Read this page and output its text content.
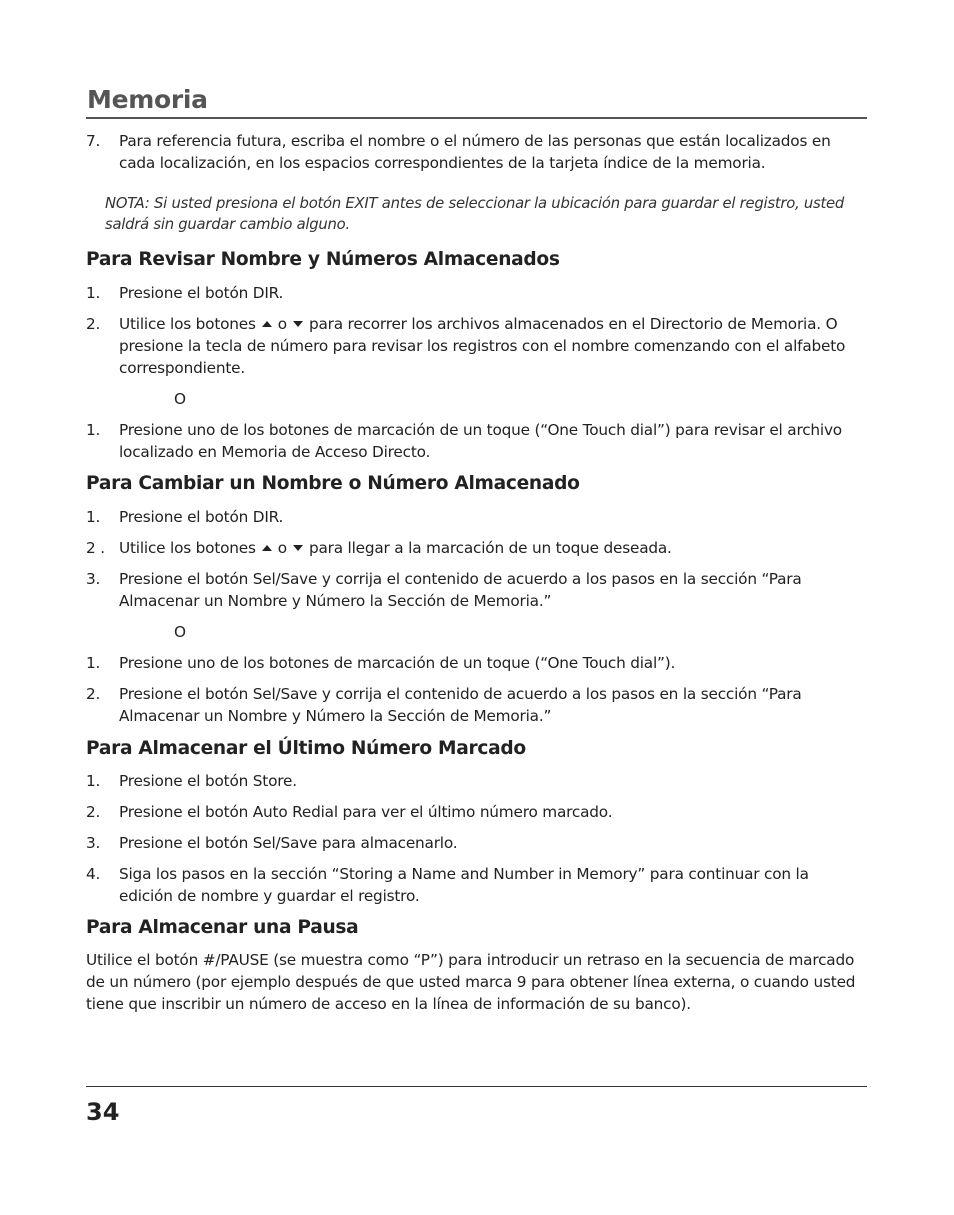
Memoria
7.	Para referencia futura, escriba el nombre o el número de las personas que están localizados en cada localización, en los espacios correspondientes de la tarjeta índice de la memoria.
NOTA: Si usted presiona el botón EXIT antes de seleccionar la ubicación para guardar el registro, usted saldrá sin guardar cambio alguno.
Para Revisar Nombre y Números Almacenados
1.	Presione el botón DIR.
2.	Utilice los botones o para recorrer los archivos almacenados en el Directorio de Memoria. O presione la tecla de número para revisar los registros con el nombre comenzando con el alfabeto correspondiente.
O
1.	Presione uno de los botones de marcación de un toque (“One Touch dial”) para revisar el archivo localizado en Memoria de Acceso Directo.
Para Cambiar un Nombre o Número Almacenado
1.	Presione el botón DIR.
2 . Utilice los botones o para llegar a la marcación de un toque deseada.
3.	Presione el botón Sel/Save y corrija el contenido de acuerdo a los pasos en la sección “Para Almacenar un Nombre y Número la Sección de Memoria.”
O
1.	Presione uno de los botones de marcación de un toque (“One Touch dial”).
2.	Presione el botón Sel/Save y corrija el contenido de acuerdo a los pasos en la sección “Para Almacenar un Nombre y Número la Sección de Memoria.”
Para Almacenar el Último Número Marcado
1.	Presione el botón Store.
2.	Presione el botón Auto Redial para ver el último número marcado.
3.	Presione el botón Sel/Save para almacenarlo.
4.	Siga los pasos en la sección “Storing a Name and Number in Memory” para continuar con la edición de nombre y guardar el registro.
Para Almacenar una Pausa
Utilice el botón #/PAUSE (se muestra como “P”) para introducir un retraso en la secuencia de marcado de un número (por ejemplo después de que usted marca 9 para obtener línea externa, o cuando usted tiene que inscribir un número de acceso en la línea de información de su banco).
34
